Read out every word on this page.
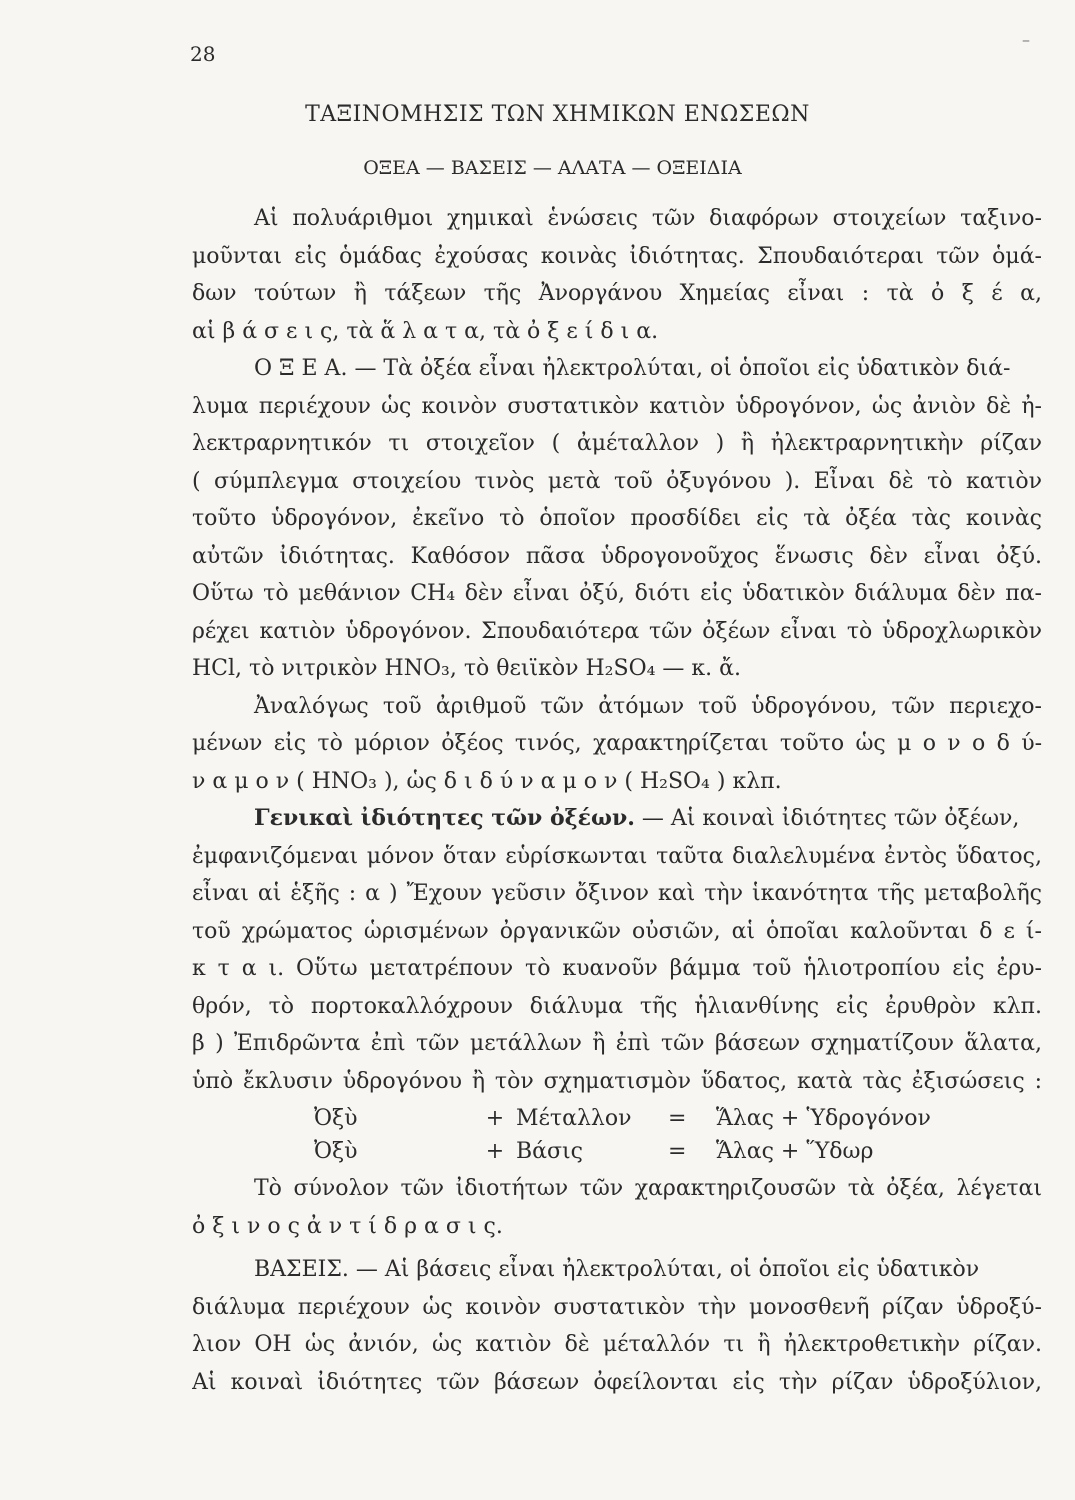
28
–
ΤΑΞΙΝΟΜΗΣΙΣ ΤΩΝ ΧΗΜΙΚΩΝ ΕΝΩΣΕΩΝ
ΟΞΕΑ — ΒΑΣΕΙΣ — ΑΛΑΤΑ — ΟΞΕΙΔΙΑ
Αἱ πολυάριθμοι χημικαὶ ἑνώσεις τῶν διαφόρων στοιχείων ταξινο-
μοῦνται εἰς ὁμάδας ἐχούσας κοινὰς ἰδιότητας. Σπουδαιότεραι τῶν ὁμά-
δων τούτων ἢ τάξεων τῆς Ἀνοργάνου Χημείας εἶναι : τὰ ὀ ξ έ α,
αἱ β ά σ ε ι ς, τὰ ἅ λ α τ α, τὰ ὀ ξ ε ί δ ι α.
Ο Ξ Ε Α. — Τὰ ὀξέα εἶναι ἠλεκτρολύται, οἱ ὁποῖοι εἰς ὑδατικὸν διά-
λυμα περιέχουν ὡς κοινὸν συστατικὸν κατιὸν ὑδρογόνον, ὡς ἀνιὸν δὲ ἠ-
λεκτραρνητικόν τι στοιχεῖον ( ἀμέταλλον ) ἢ ἠλεκτραρνητικὴν ρίζαν
( σύμπλεγμα στοιχείου τινὸς μετὰ τοῦ ὀξυγόνου ). Εἶναι δὲ τὸ κατιὸν
τοῦτο ὑδρογόνον, ἐκεῖνο τὸ ὁποῖον προσδίδει εἰς τὰ ὀξέα τὰς κοινὰς
αὐτῶν ἰδιότητας. Καθόσον πᾶσα ὑδρογονοῦχος ἕνωσις δὲν εἶναι ὀξύ.
Οὕτω τὸ μεθάνιον CH₄ δὲν εἶναι ὀξύ, διότι εἰς ὑδατικὸν διάλυμα δὲν πα-
ρέχει κατιὸν ὑδρογόνον. Σπουδαιότερα τῶν ὀξέων εἶναι τὸ ὑδροχλωρικὸν
HCl, τὸ νιτρικὸν HNO₃, τὸ θειϊκὸν H₂SO₄ — κ. ἄ.
Ἀναλόγως τοῦ ἀριθμοῦ τῶν ἀτόμων τοῦ ὑδρογόνου, τῶν περιεχο-
μένων εἰς τὸ μόριον ὀξέος τινός, χαρακτηρίζεται τοῦτο ὡς μ ο ν ο δ ύ-
ν α μ ο ν ( HNO₃ ), ὡς δ ι δ ύ ν α μ ο ν ( H₂SO₄ ) κλπ.
Γενικαὶ ἰδιότητες τῶν ὀξέων. — Αἱ κοιναὶ ἰδιότητες τῶν ὀξέων,
ἐμφανιζόμεναι μόνον ὅταν εὑρίσκωνται ταῦτα διαλελυμένα ἐντὸς ὕδατος,
εἶναι αἱ ἑξῆς : α ) Ἔχουν γεῦσιν ὄξινον καὶ τὴν ἱκανότητα τῆς μεταβολῆς
τοῦ χρώματος ὡρισμένων ὀργανικῶν οὐσιῶν, αἱ ὁποῖαι καλοῦνται δ ε ί-
κ τ α ι. Οὕτω μετατρέπουν τὸ κυανοῦν βάμμα τοῦ ἡλιοτροπίου εἰς ἐρυ-
θρόν, τὸ πορτοκαλλόχρουν διάλυμα τῆς ἡλιανθίνης εἰς ἐρυθρὸν κλπ.
β ) Ἐπιδρῶντα ἐπὶ τῶν μετάλλων ἢ ἐπὶ τῶν βάσεων σχηματίζουν ἅλατα,
ὑπὸ ἔκλυσιν ὑδρογόνου ἢ τὸν σχηματισμὸν ὕδατος, κατὰ τὰς ἐξισώσεις :
Ὀξὺ	+ Μέταλλον = Ἅλας + Ὑδρογόνον
Ὀξὺ	+ Βάσις	= Ἅλας + Ὕδωρ
Τὸ σύνολον τῶν ἰδιοτήτων τῶν χαρακτηριζουσῶν τὰ ὀξέα, λέγεται
ὀ ξ ι ν ο ς ἀ ν τ ί δ ρ α σ ι ς.
ΒΑΣΕΙΣ. — Αἱ βάσεις εἶναι ἠλεκτρολύται, οἱ ὁποῖοι εἰς ὑδατικὸν
διάλυμα περιέχουν ὡς κοινὸν συστατικὸν τὴν μονοσθενῆ ρίζαν ὑδροξύ-
λιον OH ὡς ἀνιόν, ὡς κατιὸν δὲ μέταλλόν τι ἢ ἠλεκτροθετικὴν ρίζαν.
Αἱ κοιναὶ ἰδιότητες τῶν βάσεων ὀφείλονται εἰς τὴν ρίζαν ὑδροξύλιον,
